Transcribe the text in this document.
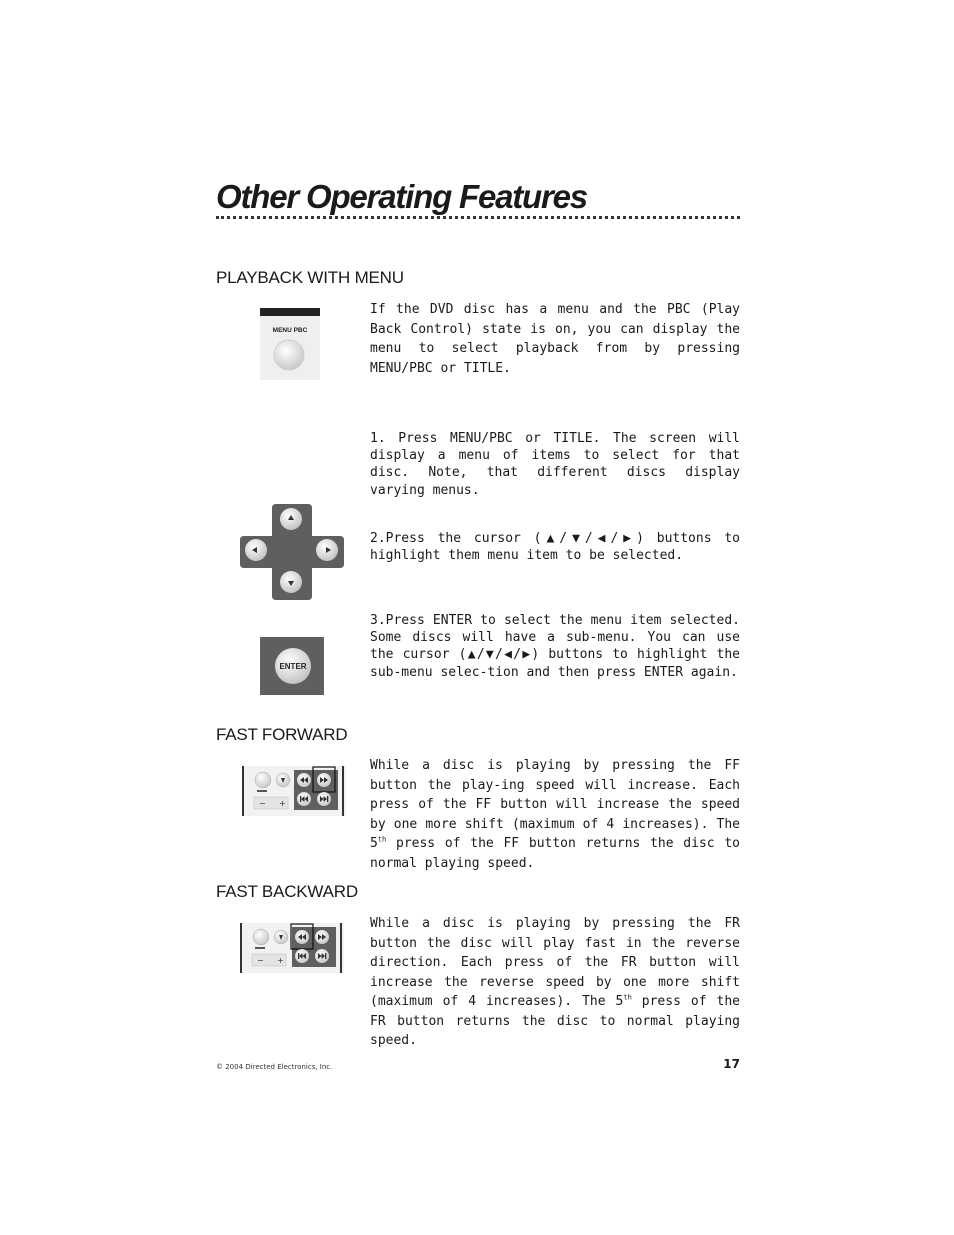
Other Operating Features
PLAYBACK WITH MENU
MENU PBC
If the DVD disc has a menu and the PBC (Play Back Control) state is on, you can display the menu to select playback from by pressing MENU/PBC or TITLE.
1. Press MENU/PBC or TITLE. The screen will display a menu of items to select for that disc. Note, that different discs display varying menus.
2.Press the cursor (▲/▼/◀/▶) buttons to highlight them menu item to be selected.
3.Press ENTER to select the menu item selected. Some discs will have a sub-menu. You can use the cursor (▲/▼/◀/▶) buttons to highlight the sub-menu selec-tion and then press ENTER again.
ENTER
FAST FORWARD
− +
While a disc is playing by pressing the FF button the play-ing speed will increase. Each press of the FF button will increase the speed by one more shift (maximum of 4 increases). The 5th press of the FF button returns the disc to normal playing speed.
FAST BACKWARD
− +
While a disc is playing by pressing the FR button the disc will play fast in the reverse direction. Each press of the FR button will increase the reverse speed by one more shift (maximum of 4 increases). The 5th press of the FR button returns the disc to normal playing speed.
© 2004 Directed Electronics, Inc.	17
